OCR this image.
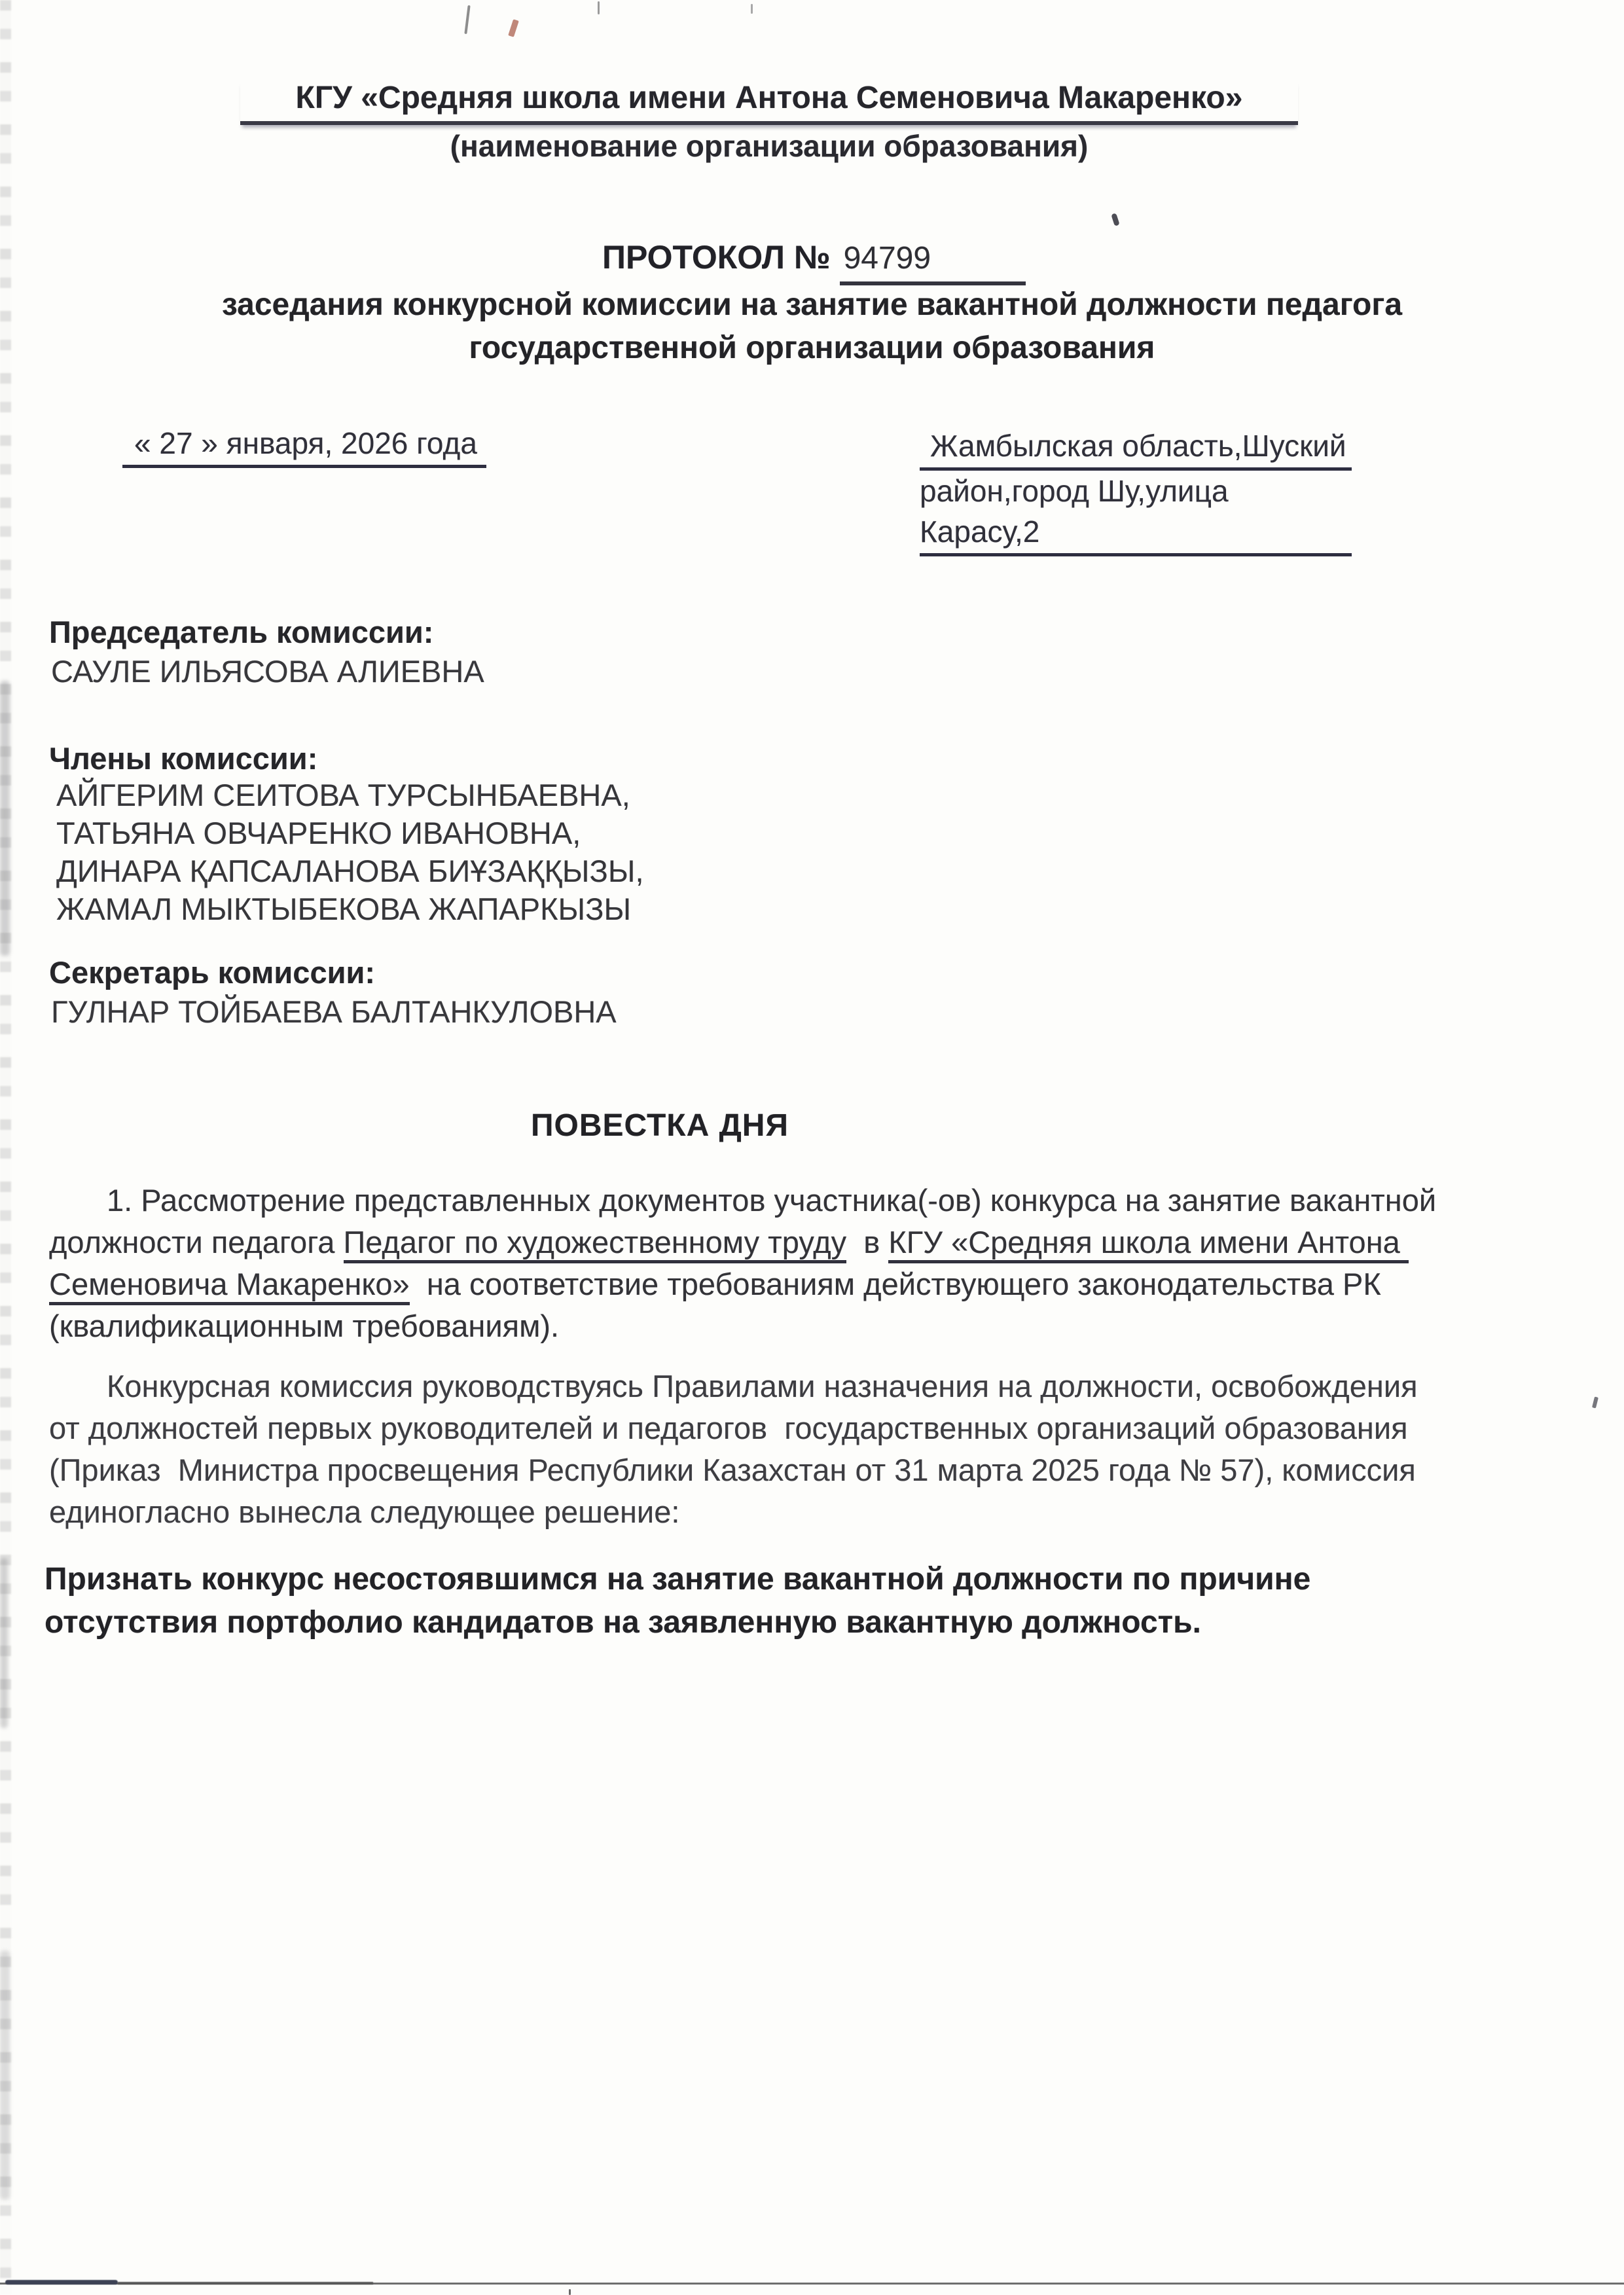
КГУ «Средняя школа имени Антона Семеновича Макаренко»
(наименование организации образования)
ПРОТОКОЛ № 94799
заседания конкурсной комиссии на занятие вакантной должности педагога
государственной организации образования
« 27 » января, 2026 года	Жамбылская область,Шуский
район,город Шу,улица Карасу,2
Председатель комиссии:
САУЛЕ ИЛЬЯСОВА АЛИЕВНА
Члены комиссии:
АЙГЕРИМ СЕИТОВА ТУРСЫНБАЕВНА,
ТАТЬЯНА ОВЧАРЕНКО ИВАНОВНА,
ДИНАРА ҚАПСАЛАНОВА БИҰЗАҚҚЫЗЫ,
ЖАМАЛ МЫКТЫБЕКОВА ЖАПАРКЫЗЫ
Секретарь комиссии:
ГУЛНАР ТОЙБАЕВА БАЛТАНКУЛОВНА
ПОВЕСТКА ДНЯ
1. Рассмотрение представленных документов участника(-ов) конкурса на занятие вакантной должности педагога Педагог по художественному труду  в КГУ «Средняя школа имени Антона Семеновича Макаренко»  на соответствие требованиям действующего законодательства РК (квалификационным требованиям).
Конкурсная комиссия руководствуясь Правилами назначения на должности, освобождения от должностей первых руководителей и педагогов  государственных организаций образования  (Приказ  Министра просвещения Республики Казахстан от 31 марта 2025 года № 57), комиссия  единогласно вынесла следующее решение:
Признать конкурс несостоявшимся на занятие вакантной должности по причине отсутствия портфолио кандидатов на заявленную вакантную должность.
